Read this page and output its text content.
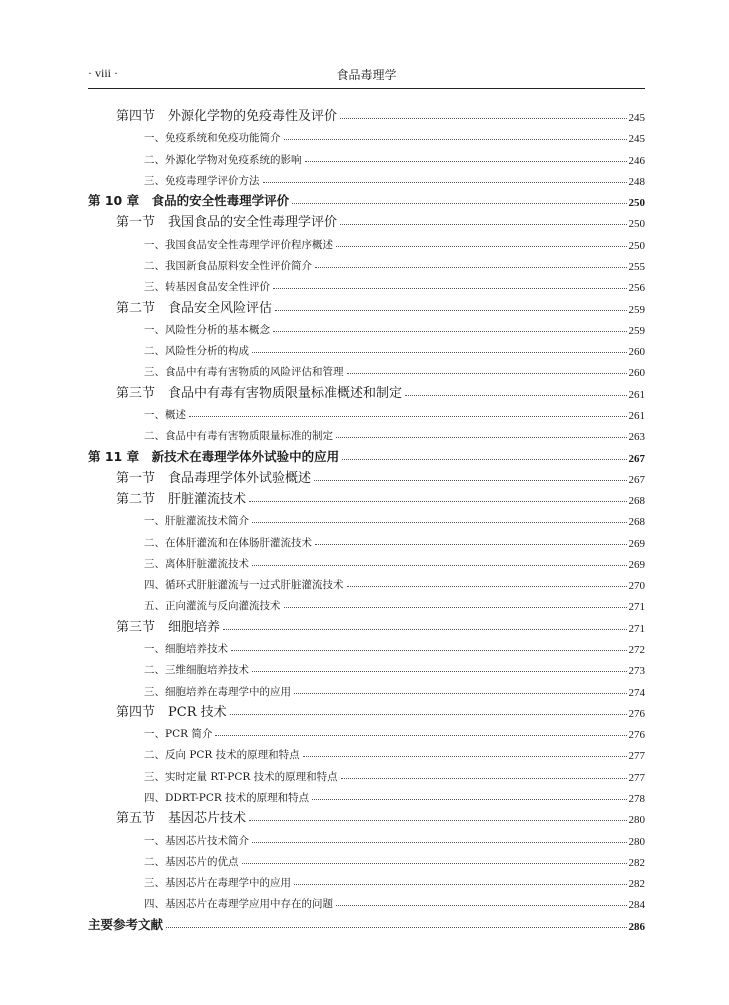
· viii ·	食品毒理学
第四节　外源化学物的免疫毒性及评价	245
一、免疫系统和免疫功能简介	245
二、外源化学物对免疫系统的影响	246
三、免疫毒理学评价方法	248
第 10 章　食品的安全性毒理学评价	250
第一节　我国食品的安全性毒理学评价	250
一、我国食品安全性毒理学评价程序概述	250
二、我国新食品原料安全性评价简介	255
三、转基因食品安全性评价	256
第二节　食品安全风险评估	259
一、风险性分析的基本概念	259
二、风险性分析的构成	260
三、食品中有毒有害物质的风险评估和管理	260
第三节　食品中有毒有害物质限量标准概述和制定	261
一、概述	261
二、食品中有毒有害物质限量标准的制定	263
第 11 章　新技术在毒理学体外试验中的应用	267
第一节　食品毒理学体外试验概述	267
第二节　肝脏灌流技术	268
一、肝脏灌流技术简介	268
二、在体肝灌流和在体肠肝灌流技术	269
三、离体肝脏灌流技术	269
四、循环式肝脏灌流与一过式肝脏灌流技术	270
五、正向灌流与反向灌流技术	271
第三节　细胞培养	271
一、细胞培养技术	272
二、三维细胞培养技术	273
三、细胞培养在毒理学中的应用	274
第四节　PCR 技术	276
一、PCR 简介	276
二、反向 PCR 技术的原理和特点	277
三、实时定量 RT-PCR 技术的原理和特点	277
四、DDRT-PCR 技术的原理和特点	278
第五节　基因芯片技术	280
一、基因芯片技术简介	280
二、基因芯片的优点	282
三、基因芯片在毒理学中的应用	282
四、基因芯片在毒理学应用中存在的问题	284
主要参考文献	286
